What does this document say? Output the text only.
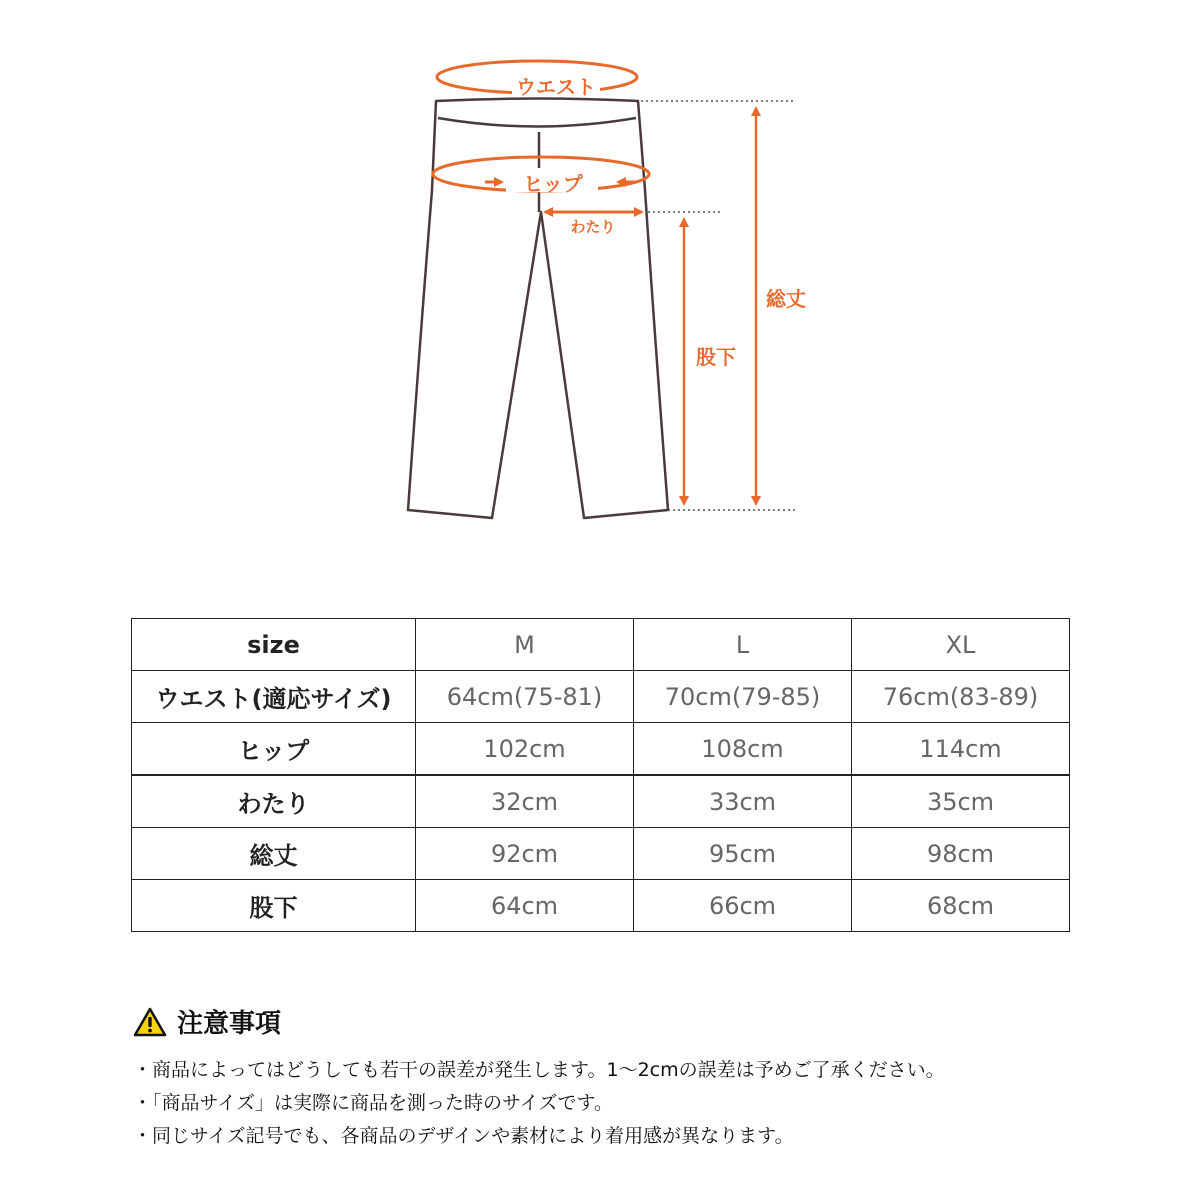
ウエスト
ヒップ
わたり
総丈
股下
size	M	L	XL
ウエスト(適応サイズ)	64cm(75-81)	70cm(79-85)	76cm(83-89)
ヒップ	102cm	108cm	114cm
わたり	32cm	33cm	35cm
総丈	92cm	95cm	98cm
股下	64cm	66cm	68cm
注意事項
・商品によってはどうしても若干の誤差が発生します。1〜2cmの誤差は予めご了承ください。
・「商品サイズ」は実際に商品を測った時のサイズです。
・同じサイズ記号でも、各商品のデザインや素材により着用感が異なります。
